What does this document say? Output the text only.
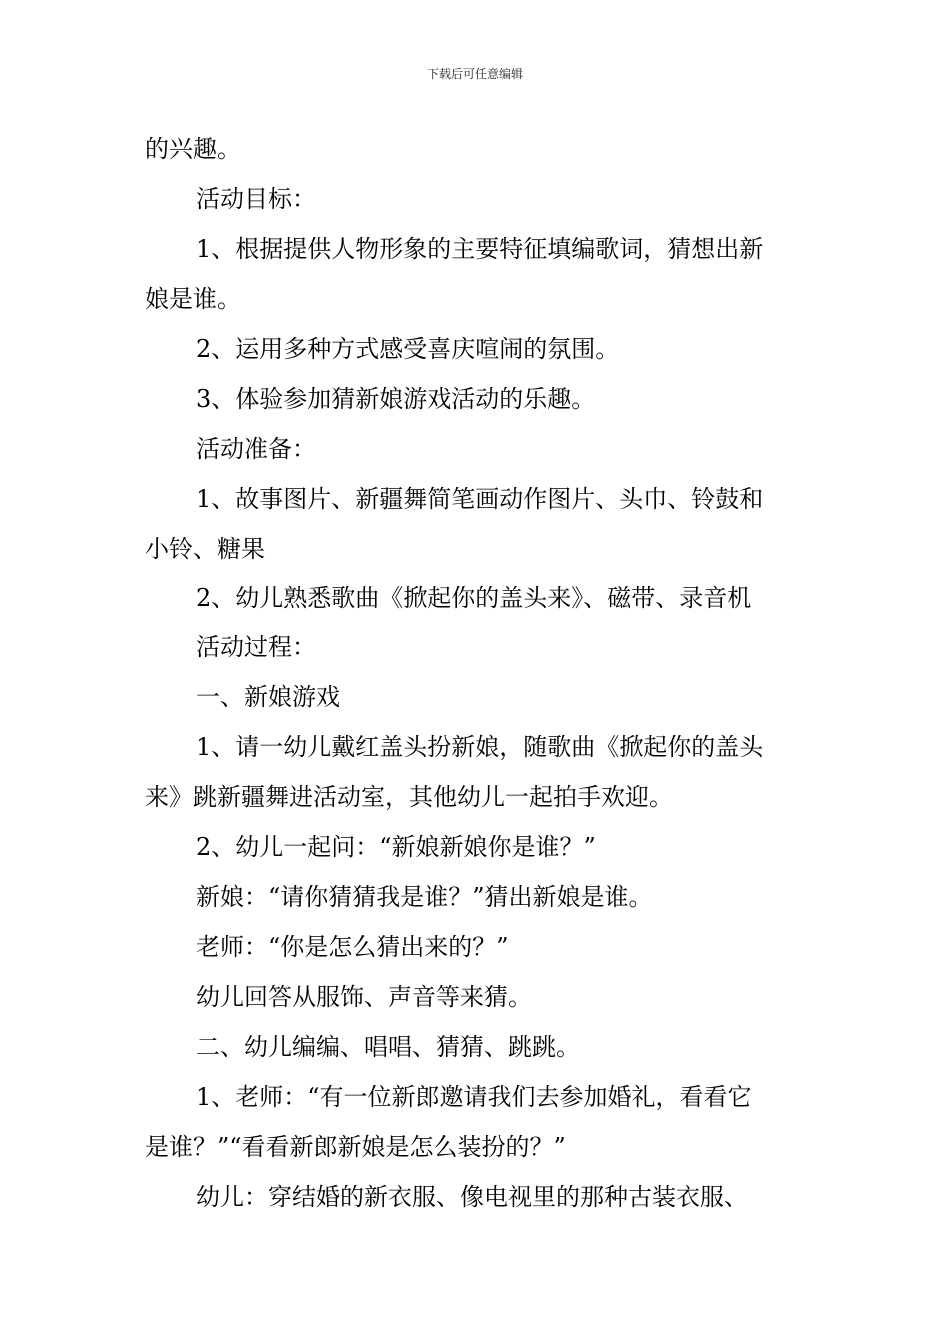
下载后可任意编辑
的兴趣。
活动目标：
1、根据提供人物形象的主要特征填编歌词，猜想出新
娘是谁。
2、运用多种方式感受喜庆喧闹的氛围。
3、体验参加猜新娘游戏活动的乐趣。
活动准备：
1、故事图片、新疆舞简笔画动作图片、头巾、铃鼓和
小铃、糖果
2、幼儿熟悉歌曲《掀起你的盖头来》、磁带、录音机
活动过程：
一、新娘游戏
1、请一幼儿戴红盖头扮新娘，随歌曲《掀起你的盖头
来》跳新疆舞进活动室，其他幼儿一起拍手欢迎。
2、幼儿一起问：“新娘新娘你是谁？”
新娘：“请你猜猜我是谁？”猜出新娘是谁。
老师：“你是怎么猜出来的？”
幼儿回答从服饰、声音等来猜。
二、幼儿编编、唱唱、猜猜、跳跳。
1、老师：“有一位新郎邀请我们去参加婚礼，看看它
是谁？”“看看新郎新娘是怎么装扮的？”
幼儿：穿结婚的新衣服、像电视里的那种古装衣服、
